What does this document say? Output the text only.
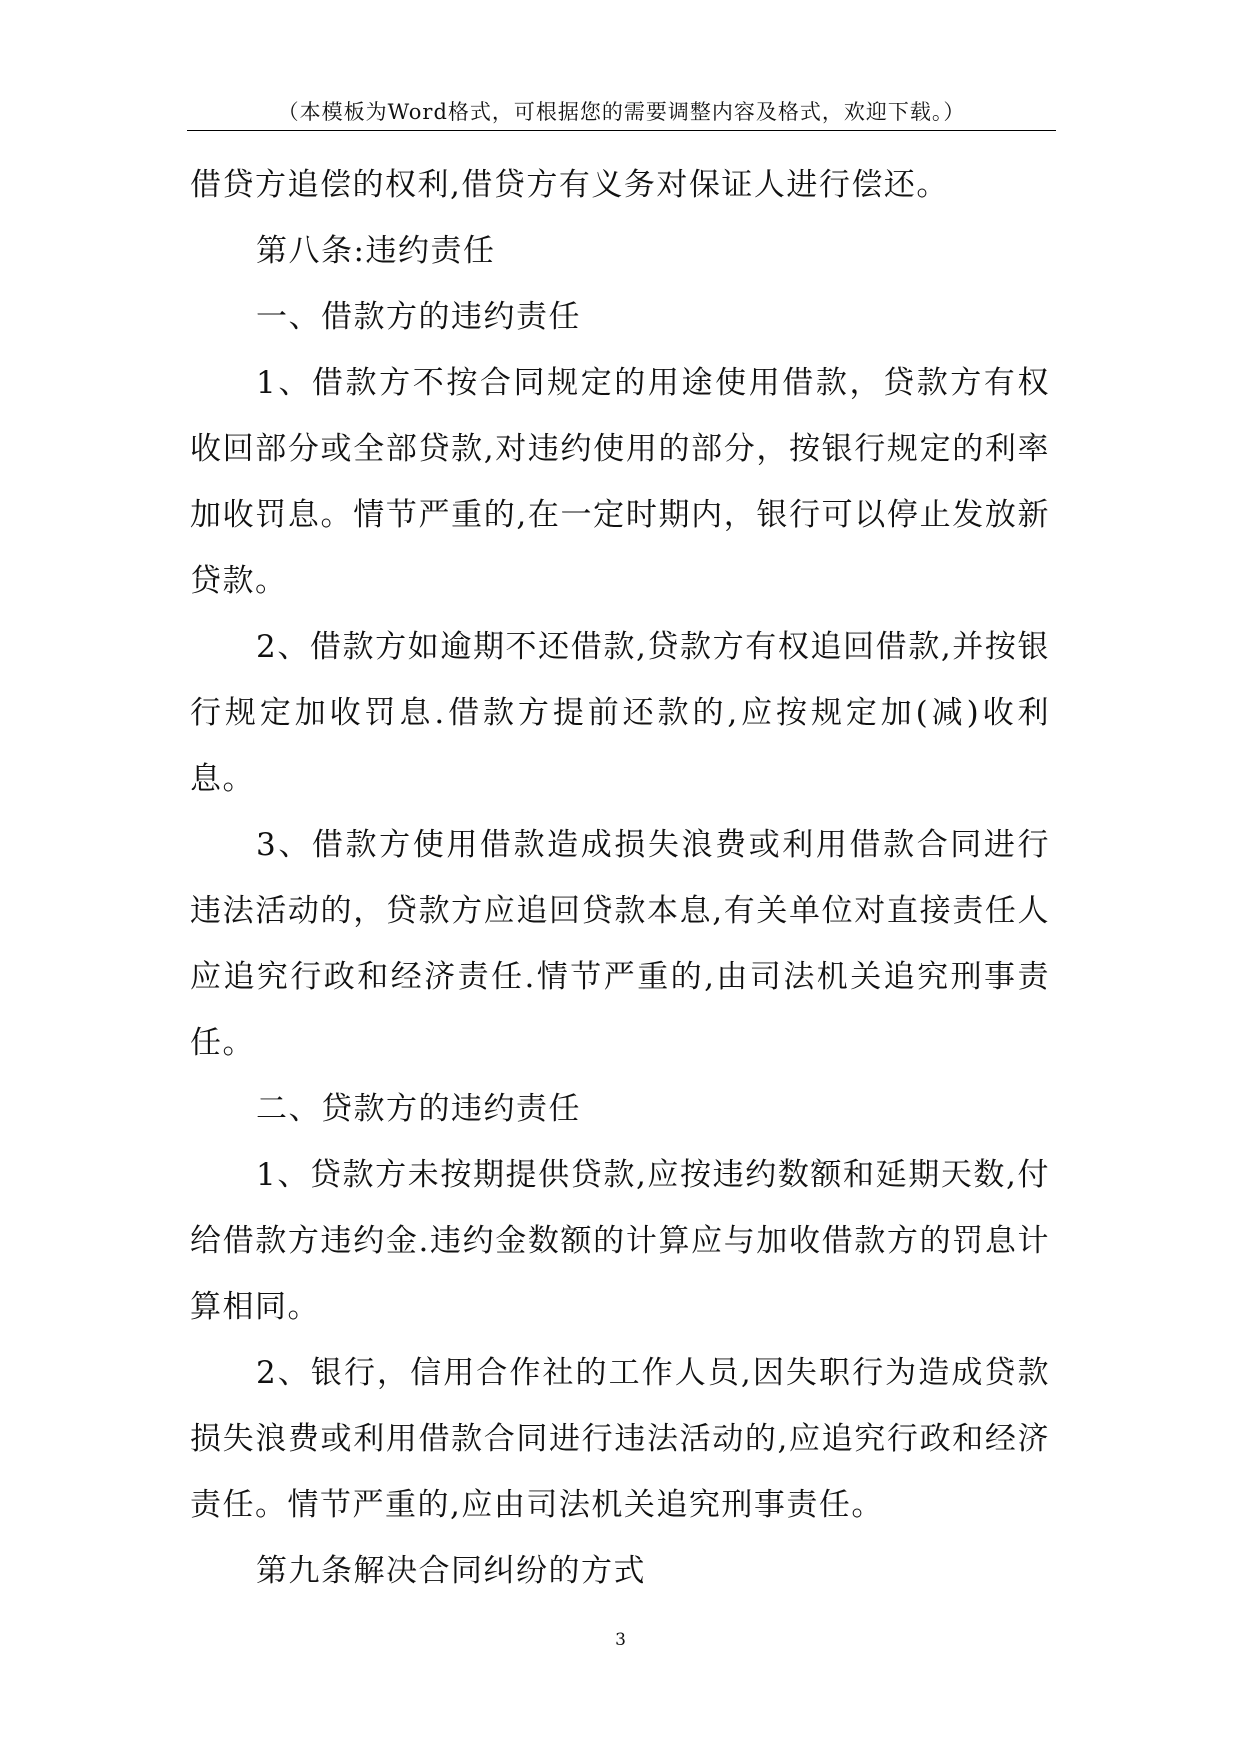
（本模板为Word格式，可根据您的需要调整内容及格式，欢迎下载。）

借贷方追偿的权利,借贷方有义务对保证人进行偿还。

第八条:违约责任

一、借款方的违约责任

1、借款方不按合同规定的用途使用借款，贷款方有权收回部分或全部贷款,对违约使用的部分，按银行规定的利率加收罚息。情节严重的,在一定时期内，银行可以停止发放新贷款。

2、借款方如逾期不还借款,贷款方有权追回借款,并按银行规定加收罚息.借款方提前还款的,应按规定加(减)收利息。

3、借款方使用借款造成损失浪费或利用借款合同进行违法活动的，贷款方应追回贷款本息,有关单位对直接责任人应追究行政和经济责任.情节严重的,由司法机关追究刑事责任。

二、贷款方的违约责任

1、贷款方未按期提供贷款,应按违约数额和延期天数,付给借款方违约金.违约金数额的计算应与加收借款方的罚息计算相同。

2、银行，信用合作社的工作人员,因失职行为造成贷款损失浪费或利用借款合同进行违法活动的,应追究行政和经济责任。情节严重的,应由司法机关追究刑事责任。

第九条解决合同纠纷的方式

3
